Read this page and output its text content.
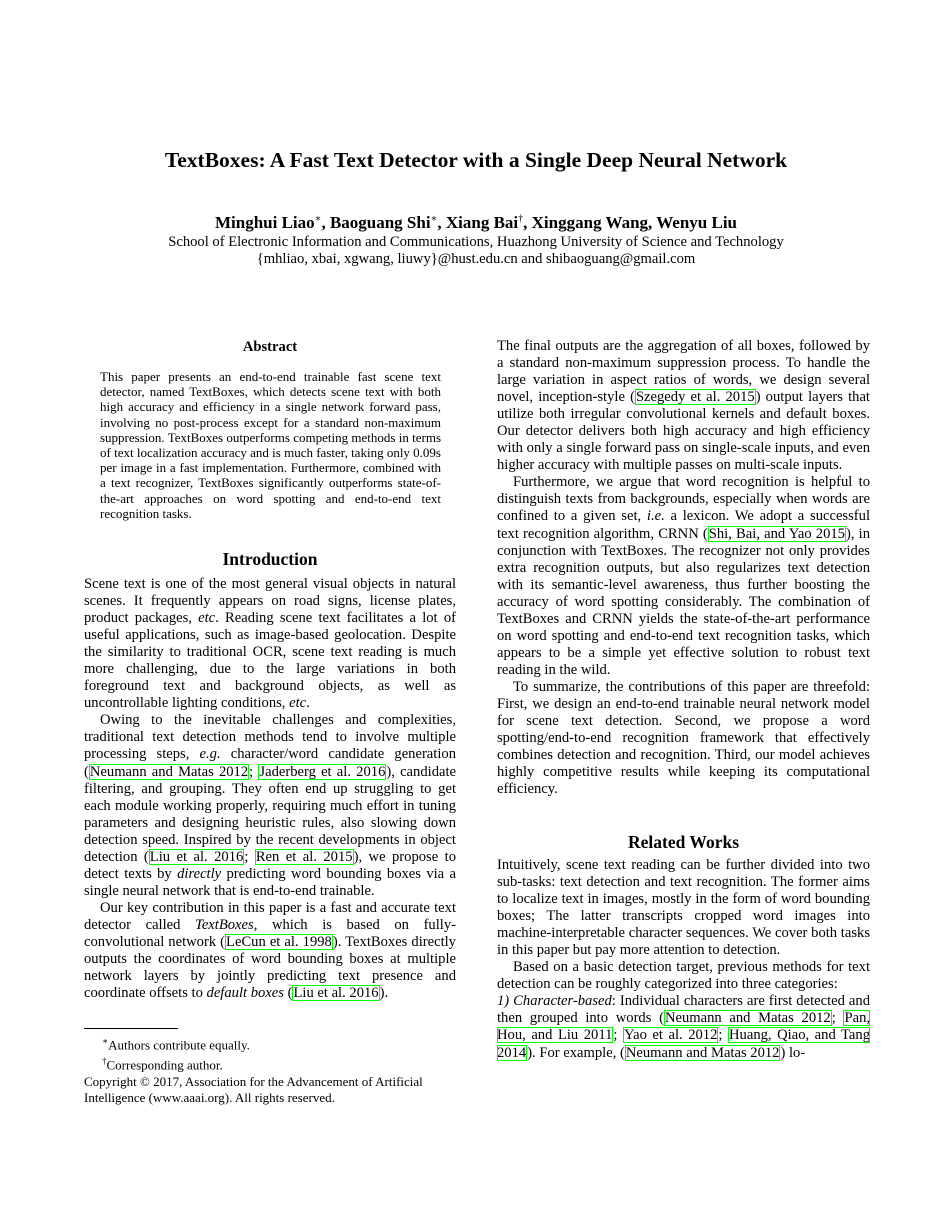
TextBoxes: A Fast Text Detector with a Single Deep Neural Network
Minghui Liao∗, Baoguang Shi∗, Xiang Bai†, Xinggang Wang, Wenyu Liu
School of Electronic Information and Communications, Huazhong University of Science and Technology
{mhliao, xbai, xgwang, liuwy}@hust.edu.cn and shibaoguang@gmail.com
Abstract
This paper presents an end-to-end trainable fast scene text detector, named TextBoxes, which detects scene text with both high accuracy and efficiency in a single network forward pass, involving no post-process except for a standard non-maximum suppression. TextBoxes outperforms competing methods in terms of text localization accuracy and is much faster, taking only 0.09s per image in a fast implementation. Furthermore, combined with a text recognizer, TextBoxes significantly outperforms state-of-the-art approaches on word spotting and end-to-end text recognition tasks.
Introduction

Scene text is one of the most general visual objects in natural scenes. It frequently appears on road signs, license plates, product packages, etc. Reading scene text facilitates a lot of useful applications, such as image-based geolocation. Despite the similarity to traditional OCR, scene text reading is much more challenging, due to the large variations in both foreground text and background objects, as well as uncontrollable lighting conditions, etc.

Owing to the inevitable challenges and complexities, traditional text detection methods tend to involve multiple processing steps, e.g. character/word candidate generation (Neumann and Matas 2012; Jaderberg et al. 2016), candidate filtering, and grouping. They often end up struggling to get each module working properly, requiring much effort in tuning parameters and designing heuristic rules, also slowing down detection speed. Inspired by the recent developments in object detection (Liu et al. 2016; Ren et al. 2015), we propose to detect texts by directly predicting word bounding boxes via a single neural network that is end-to-end trainable.

Our key contribution in this paper is a fast and accurate text detector called TextBoxes, which is based on fully-convolutional network (LeCun et al. 1998). TextBoxes directly outputs the coordinates of word bounding boxes at multiple network layers by jointly predicting text presence and coordinate offsets to default boxes (Liu et al. 2016).

∗Authors contribute equally.

†Corresponding author.

Copyright © 2017, Association for the Advancement of Artificial Intelligence (www.aaai.org). All rights reserved.

The final outputs are the aggregation of all boxes, followed by a standard non-maximum suppression process. To handle the large variation in aspect ratios of words, we design several novel, inception-style (Szegedy et al. 2015) output layers that utilize both irregular convolutional kernels and default boxes. Our detector delivers both high accuracy and high efficiency with only a single forward pass on single-scale inputs, and even higher accuracy with multiple passes on multi-scale inputs.

Furthermore, we argue that word recognition is helpful to distinguish texts from backgrounds, especially when words are confined to a given set, i.e. a lexicon. We adopt a successful text recognition algorithm, CRNN (Shi, Bai, and Yao 2015), in conjunction with TextBoxes. The recognizer not only provides extra recognition outputs, but also regularizes text detection with its semantic-level awareness, thus further boosting the accuracy of word spotting considerably. The combination of TextBoxes and CRNN yields the state-of-the-art performance on word spotting and end-to-end text recognition tasks, which appears to be a simple yet effective solution to robust text reading in the wild.

To summarize, the contributions of this paper are threefold: First, we design an end-to-end trainable neural network model for scene text detection. Second, we propose a word spotting/end-to-end recognition framework that effectively combines detection and recognition. Third, our model achieves highly competitive results while keeping its computational efficiency.

Related Works

Intuitively, scene text reading can be further divided into two sub-tasks: text detection and text recognition. The former aims to localize text in images, mostly in the form of word bounding boxes; The latter transcripts cropped word images into machine-interpretable character sequences. We cover both tasks in this paper but pay more attention to detection.

Based on a basic detection target, previous methods for text detection can be roughly categorized into three categories:

1) Character-based: Individual characters are first detected and then grouped into words (Neumann and Matas 2012; Pan, Hou, and Liu 2011; Yao et al. 2012; Huang, Qiao, and Tang 2014). For example, (Neumann and Matas 2012) lo-
